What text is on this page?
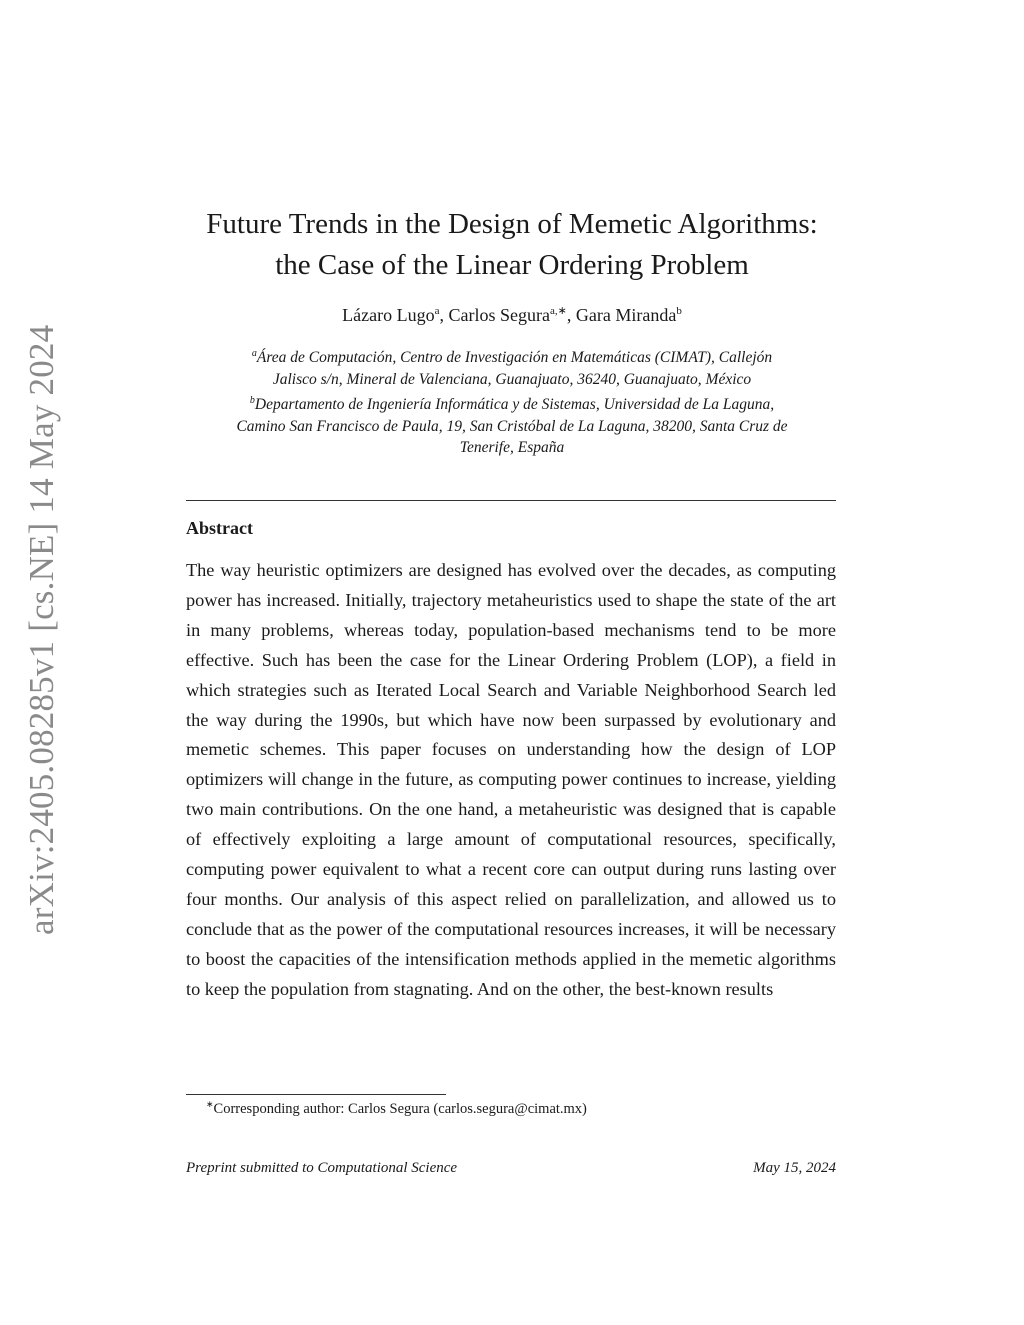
arXiv:2405.08285v1 [cs.NE] 14 May 2024
Future Trends in the Design of Memetic Algorithms:
the Case of the Linear Ordering Problem
Lázaro Lugo$^a$, Carlos Segura$^{a,∗}$, Gara Miranda$^b$
$^a$Área de Computación, Centro de Investigación en Matemáticas (CIMAT), Callejón
Jalisco s/n, Mineral de Valenciana, Guanajuato, 36240, Guanajuato, México
$^b$Departamento de Ingeniería Informática y de Sistemas, Universidad de La Laguna,
Camino San Francisco de Paula, 19, San Cristóbal de La Laguna, 38200, Santa Cruz de
Tenerife, España
Abstract
The way heuristic optimizers are designed has evolved over the decades, as computing power has increased. Initially, trajectory metaheuristics used to shape the state of the art in many problems, whereas today, population-based mechanisms tend to be more effective. Such has been the case for the Linear Ordering Problem (LOP), a field in which strategies such as Iterated Local Search and Variable Neighborhood Search led the way during the 1990s, but which have now been surpassed by evolutionary and memetic schemes. This paper focuses on understanding how the design of LOP optimizers will change in the future, as computing power continues to increase, yielding two main contributions. On the one hand, a metaheuristic was designed that is capable of effectively exploiting a large amount of computational resources, specifically, computing power equivalent to what a recent core can output during runs lasting over four months. Our analysis of this aspect relied on parallelization, and allowed us to conclude that as the power of the computational resources increases, it will be necessary to boost the capacities of the intensification methods applied in the memetic algorithms to keep the population from stagnating. And on the other, the best-known results
∗Corresponding author: Carlos Segura (carlos.segura@cimat.mx)
Preprint submitted to Computational Science	May 15, 2024
